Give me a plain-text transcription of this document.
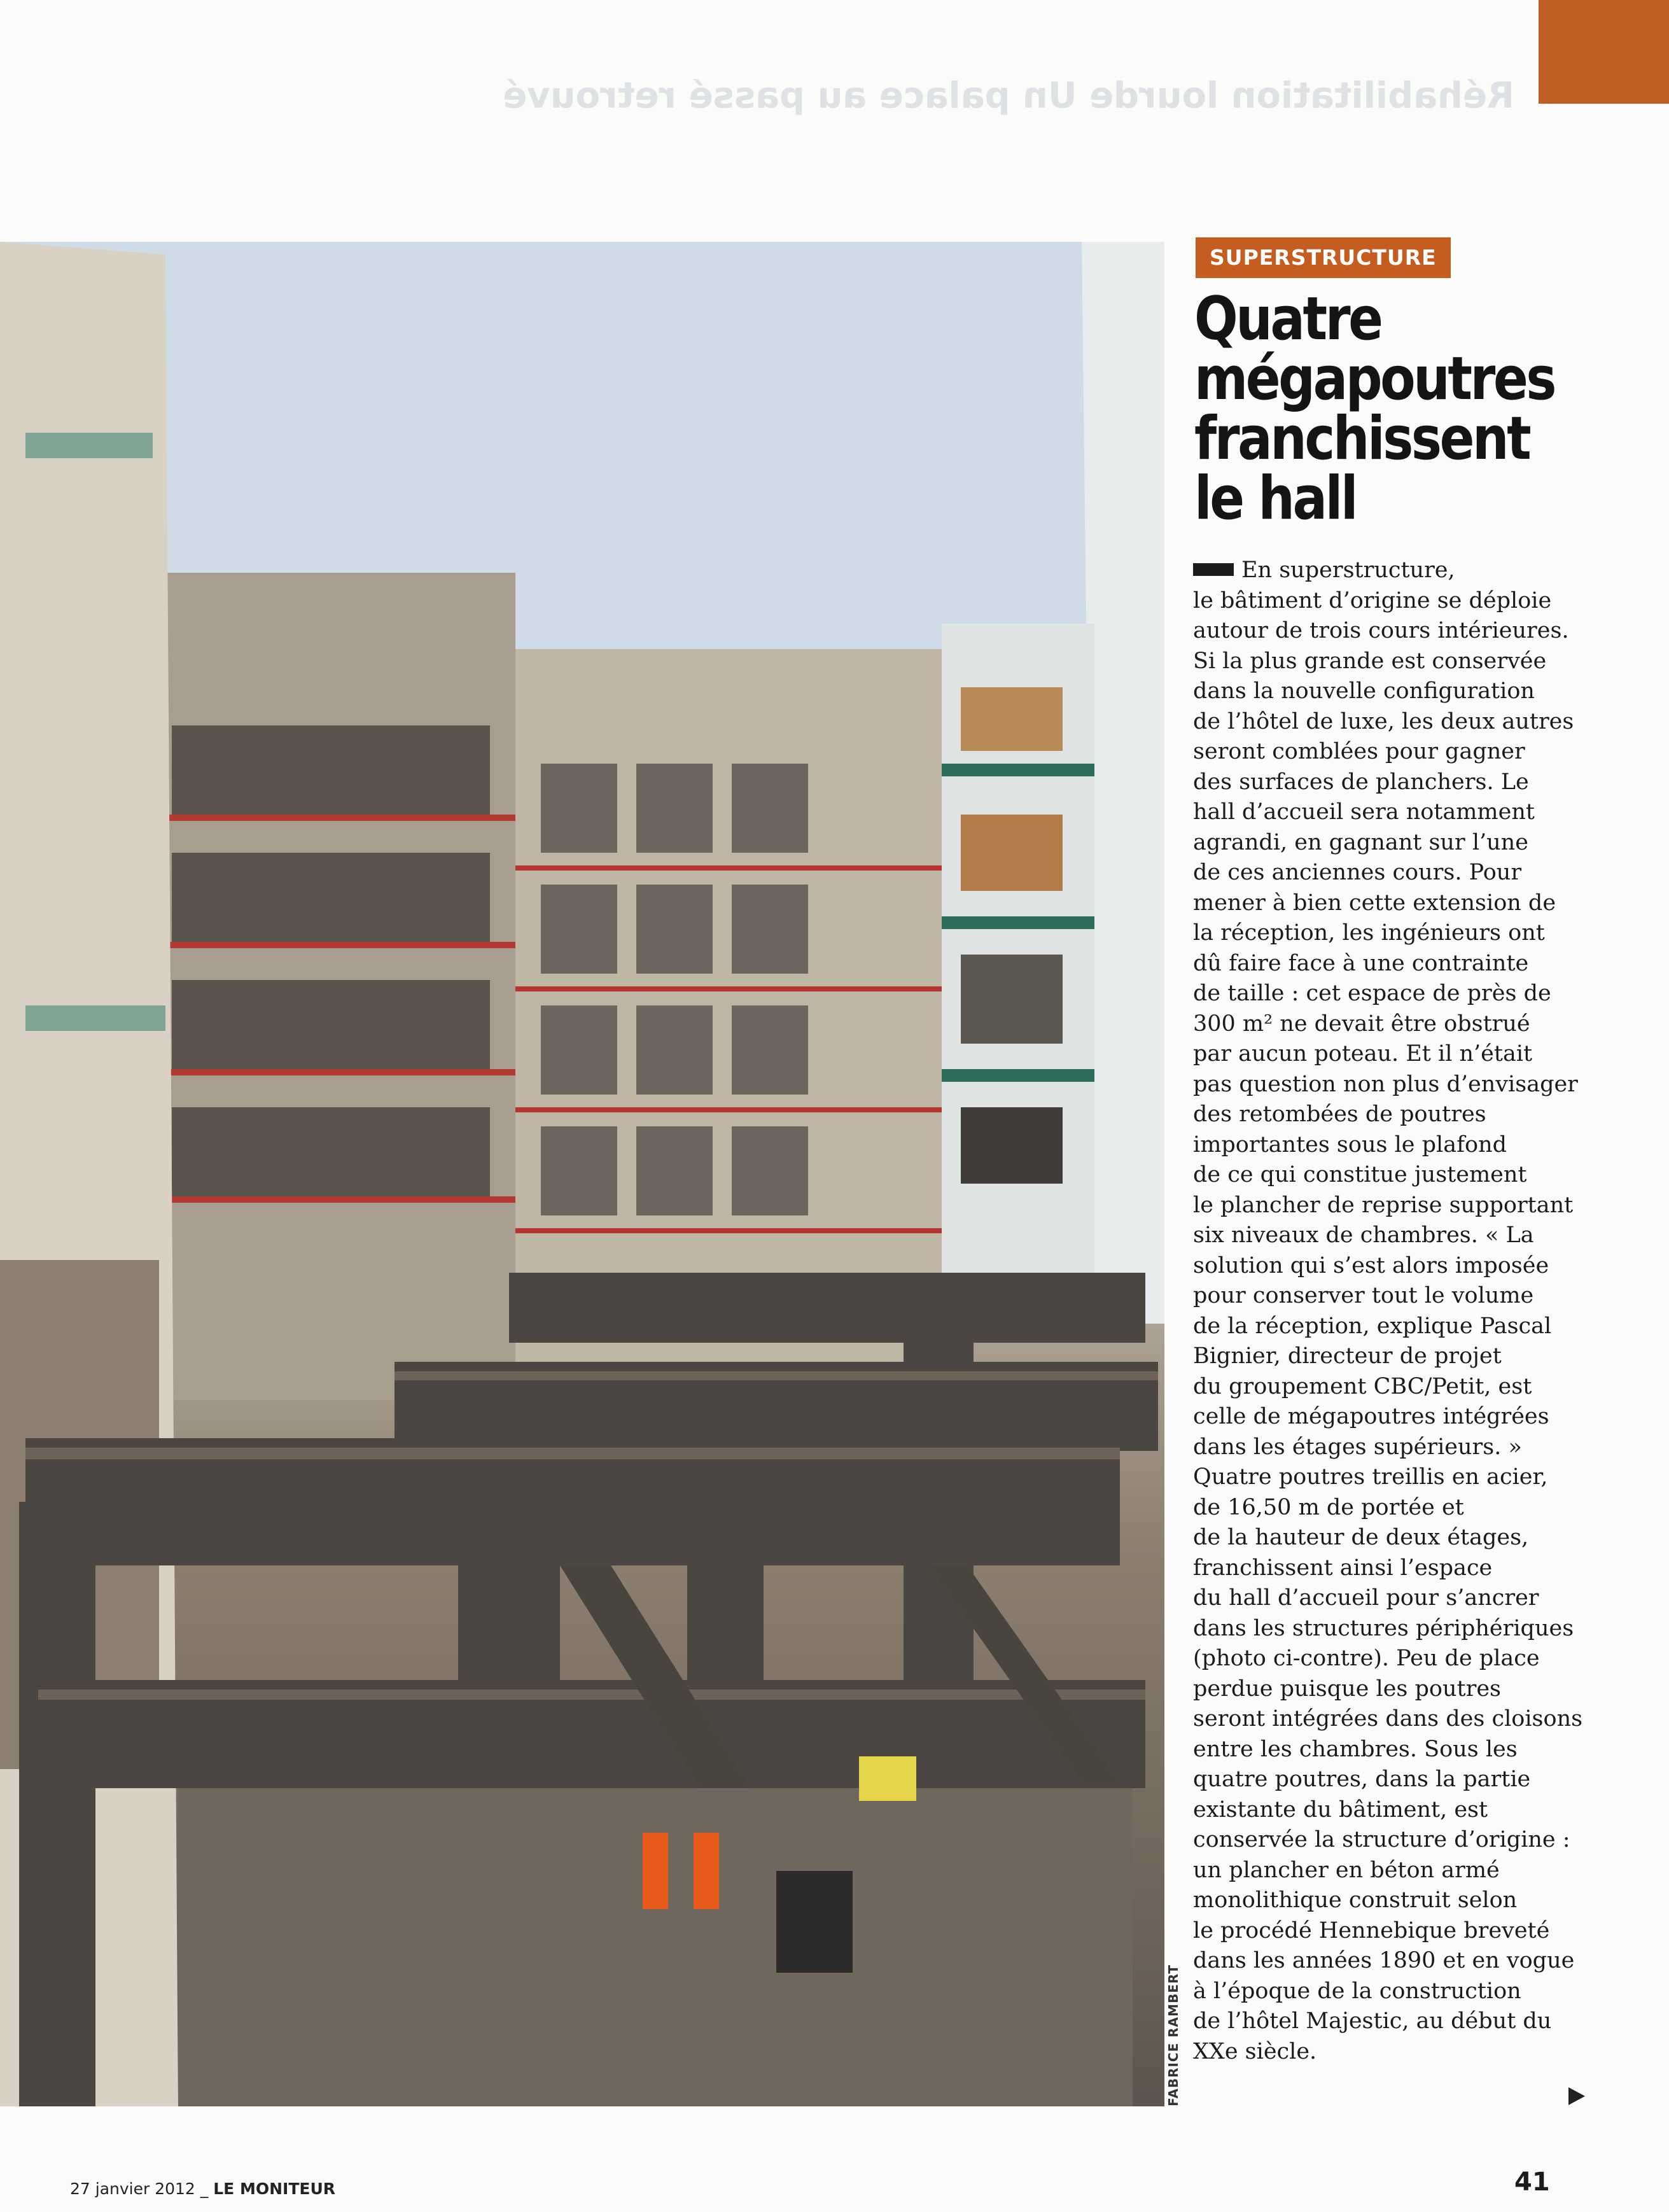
Réhabilitation lourde Un palace au passé retrouvé
FABRICE RAMBERT
SUPERSTRUCTURE
Quatre
mégapoutres
franchissent
le hall
En superstructure,
le bâtiment d’origine se déploie
autour de trois cours intérieures.
Si la plus grande est conservée
dans la nouvelle configuration
de l’hôtel de luxe, les deux autres
seront comblées pour gagner
des surfaces de planchers. Le
hall d’accueil sera notamment
agrandi, en gagnant sur l’une
de ces anciennes cours. Pour
mener à bien cette extension de
la réception, les ingénieurs ont
dû faire face à une contrainte
de taille : cet espace de près de
300 m² ne devait être obstrué
par aucun poteau. Et il n’était
pas question non plus d’envisager
des retombées de poutres
importantes sous le plafond
de ce qui constitue justement
le plancher de reprise supportant
six niveaux de chambres. « La
solution qui s’est alors imposée
pour conserver tout le volume
de la réception, explique Pascal
Bignier, directeur de projet
du groupement CBC/Petit, est
celle de mégapoutres intégrées
dans les étages supérieurs. »
Quatre poutres treillis en acier,
de 16,50 m de portée et
de la hauteur de deux étages,
franchissent ainsi l’espace
du hall d’accueil pour s’ancrer
dans les structures périphériques
(photo ci-contre). Peu de place
perdue puisque les poutres
seront intégrées dans des cloisons
entre les chambres. Sous les
quatre poutres, dans la partie
existante du bâtiment, est
conservée la structure d’origine :
un plancher en béton armé
monolithique construit selon
le procédé Hennebique breveté
dans les années 1890 et en vogue
à l’époque de la construction
de l’hôtel Majestic, au début du
XXe siècle.
27 janvier 2012 _ LE MONITEUR	41
